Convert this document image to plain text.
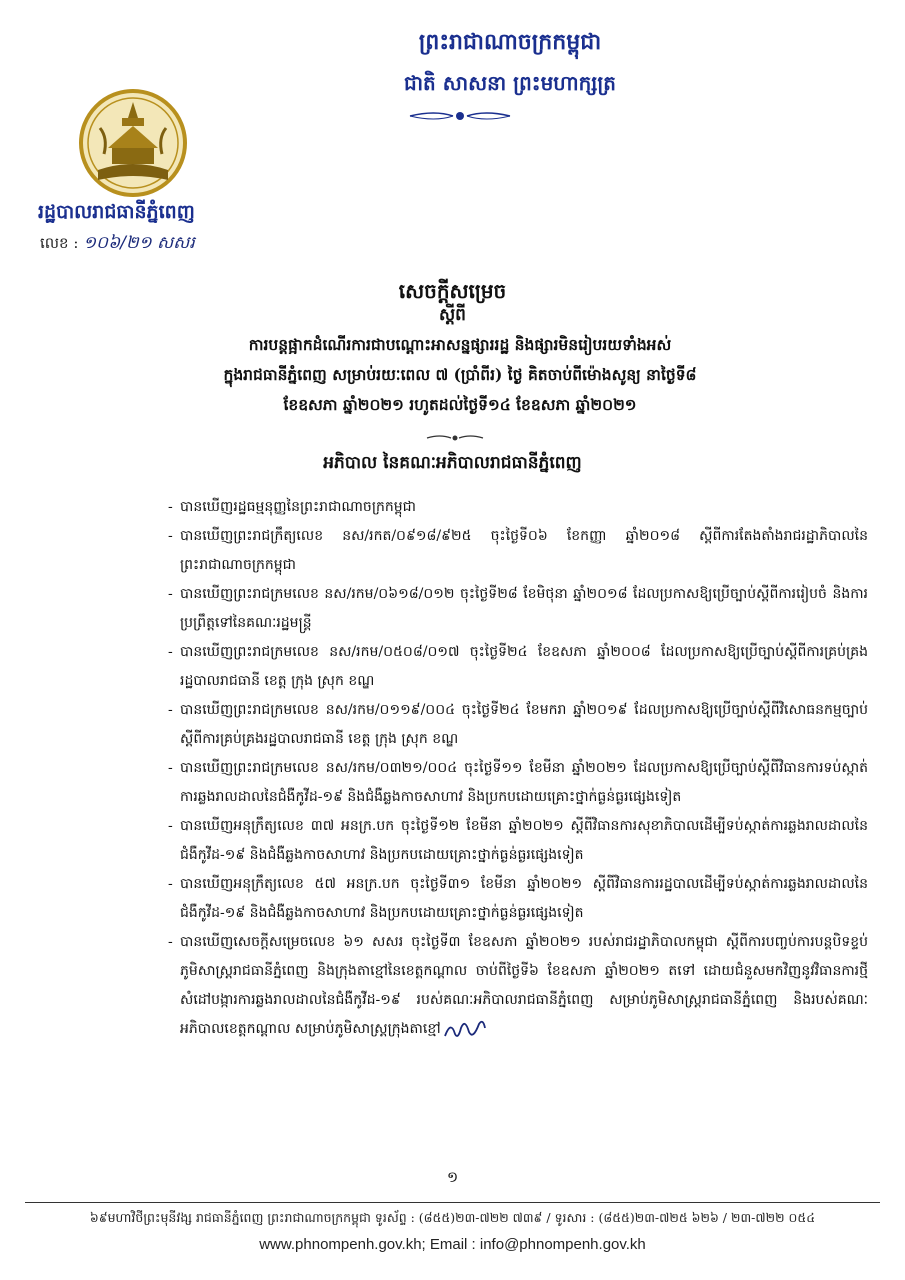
ព្រះរាជាណាចក្រកម្ពុជា
ជាតិ សាសនា ព្រះមហាក្សត្រ
រដ្ឋបាលរាជធានីភ្នំពេញ
លេខ : ១០៦/២១ សសរ
សេចក្តីសម្រេច
ស្តីពី
ការបន្តផ្អាកដំណើរការជាបណ្តោះអាសន្នផ្សាររដ្ឋ និងផ្សារមិនរៀបរយទាំងអស់
ក្នុងរាជធានីភ្នំពេញ សម្រាប់រយៈពេល ៧ (ប្រាំពីរ) ថ្ងៃ គិតចាប់ពីម៉ោងសូន្យ នាថ្ងៃទី៨
ខែឧសភា ឆ្នាំ២០២១ រហូតដល់ថ្ងៃទី១៤ ខែឧសភា ឆ្នាំ២០២១
អភិបាល នៃគណៈអភិបាលរាជធានីភ្នំពេញ
- បានឃើញរដ្ឋធម្មនុញ្ញនៃព្រះរាជាណាចក្រកម្ពុជា
- បានឃើញព្រះរាជក្រឹត្យលេខ នស/រកត/០៩១៨/៩២៥ ចុះថ្ងៃទី០៦ ខែកញ្ញា ឆ្នាំ២០១៨ ស្តីពីការតែងតាំងរាជរដ្ឋាភិបាលនៃព្រះរាជាណាចក្រកម្ពុជា
- បានឃើញព្រះរាជក្រមលេខ នស/រកម/០៦១៨/០១២ ចុះថ្ងៃទី២៨ ខែមិថុនា ឆ្នាំ២០១៨ ដែលប្រកាសឱ្យប្រើច្បាប់ស្តីពីការរៀបចំ និងការប្រព្រឹត្តទៅនៃគណៈរដ្ឋមន្ត្រី
- បានឃើញព្រះរាជក្រមលេខ នស/រកម/០៥០៨/០១៧ ចុះថ្ងៃទី២៤ ខែឧសភា ឆ្នាំ២០០៨ ដែលប្រកាសឱ្យប្រើច្បាប់ស្តីពីការគ្រប់គ្រងរដ្ឋបាលរាជធានី ខេត្ត ក្រុង ស្រុក ខណ្ឌ
- បានឃើញព្រះរាជក្រមលេខ នស/រកម/០១១៩/០០៤ ចុះថ្ងៃទី២៤ ខែមករា ឆ្នាំ២០១៩ ដែលប្រកាសឱ្យប្រើច្បាប់ស្តីពីវិសោធនកម្មច្បាប់ស្តីពីការគ្រប់គ្រងរដ្ឋបាលរាជធានី ខេត្ត ក្រុង ស្រុក ខណ្ឌ
- បានឃើញព្រះរាជក្រមលេខ នស/រកម/០៣២១/០០៤ ចុះថ្ងៃទី១១ ខែមីនា ឆ្នាំ២០២១ ដែលប្រកាសឱ្យប្រើច្បាប់ស្តីពីវិធានការទប់ស្កាត់ការឆ្លងរាលដាលនៃជំងឺកូវីដ-១៩ និងជំងឺឆ្លងកាចសាហាវ និងប្រកបដោយគ្រោះថ្នាក់ធ្ងន់ធ្ងរផ្សេងទៀត
- បានឃើញអនុក្រឹត្យលេខ ៣៧ អនក្រ.បក ចុះថ្ងៃទី១២ ខែមីនា ឆ្នាំ២០២១ ស្តីពីវិធានការសុខាភិបាលដើម្បីទប់ស្កាត់ការឆ្លងរាលដាលនៃជំងឺកូវីដ-១៩ និងជំងឺឆ្លងកាចសាហាវ និងប្រកបដោយគ្រោះថ្នាក់ធ្ងន់ធ្ងរផ្សេងទៀត
- បានឃើញអនុក្រឹត្យលេខ ៥៧ អនក្រ.បក ចុះថ្ងៃទី៣១ ខែមីនា ឆ្នាំ២០២១ ស្តីពីវិធានការរដ្ឋបាលដើម្បីទប់ស្កាត់ការឆ្លងរាលដាលនៃជំងឺកូវីដ-១៩ និងជំងឺឆ្លងកាចសាហាវ និងប្រកបដោយគ្រោះថ្នាក់ធ្ងន់ធ្ងរផ្សេងទៀត
- បានឃើញសេចក្តីសម្រេចលេខ ៦១ សសរ ចុះថ្ងៃទី៣ ខែឧសភា ឆ្នាំ២០២១ របស់រាជរដ្ឋាភិបាលកម្ពុជា ស្តីពីការបញ្ចប់ការបន្តបិទខ្ទប់ភូមិសាស្ត្ររាជធានីភ្នំពេញ និងក្រុងតាខ្មៅនៃខេត្តកណ្តាល ចាប់ពីថ្ងៃទី៦ ខែឧសភា ឆ្នាំ២០២១ តទៅ ដោយជំនួសមកវិញនូវវិធានការថ្មី សំដៅបង្ការការឆ្លងរាលដាលនៃជំងឺកូវីដ-១៩ របស់គណៈអភិបាលរាជធានីភ្នំពេញ សម្រាប់ភូមិសាស្ត្ររាជធានីភ្នំពេញ និងរបស់គណៈអភិបាលខេត្តកណ្តាល សម្រាប់ភូមិសាស្ត្រក្រុងតាខ្មៅ
១
៦៩មហាវិថីព្រះមុនីវង្ស រាជធានីភ្នំពេញ ព្រះរាជាណាចក្រកម្ពុជា ទូរស័ព្ទ : (៨៥៥)២៣-៧២២ ៧៣៩ / ទូរសារ : (៨៥៥)២៣-៧២៥ ៦២៦ / ២៣-៧២២ ០៥៤
www.phnompenh.gov.kh; Email : info@phnompenh.gov.kh
